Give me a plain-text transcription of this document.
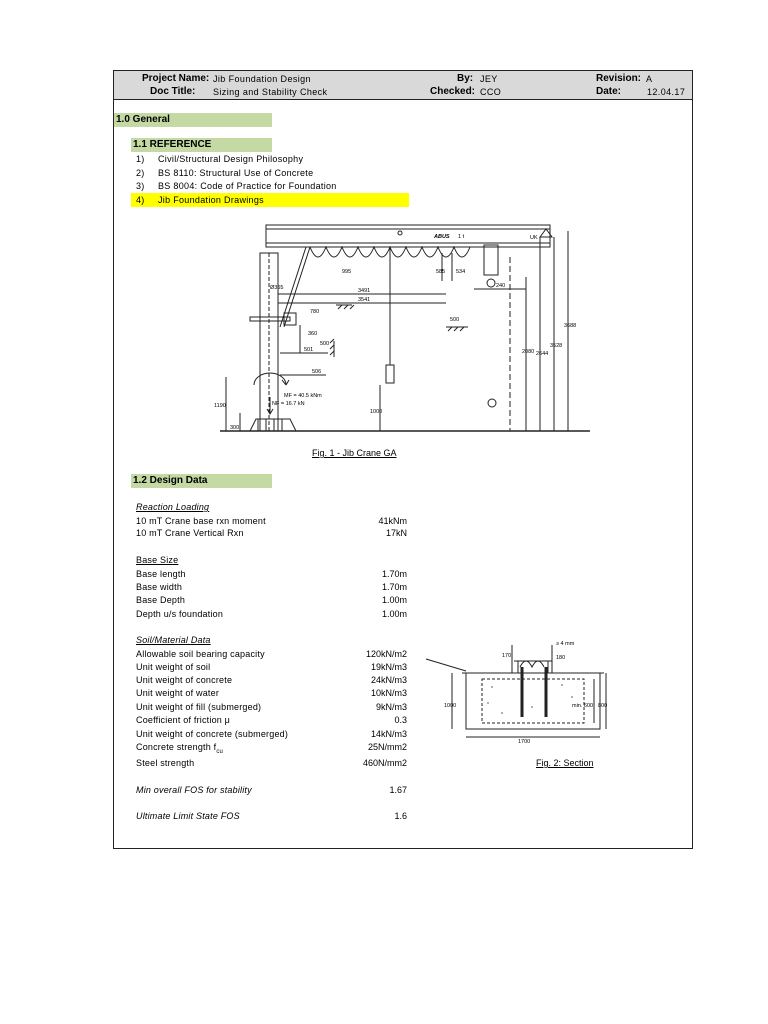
Project Name: Jib Foundation Design
Doc Title: Sizing and Stability Check
By: JEY
Checked: CCO
Revision: A
Date:	12.04.17
1.0 General
1.1 REFERENCE
1) Civil/Structural Design Philosophy
2) BS 8110: Structural Use of Concrete
3) BS 8004: Code of Practice for Foundation
4) Jib Foundation Drawings
Ø355	3491
3541
240
585 534
995
780
360
501
500
506
500
2080 2644
3528
3688
1190
1000
300
UK
MF = 40.5 kNm
NF = 16.7 kN
ABUS 1 t
Fig. 1 - Jib Crane GA
1.2 Design Data
Reaction Loading
10 mT Crane base rxn moment	41kNm
10 mT Crane Vertical Rxn	17kN
Base Size
Base length	1.70m
Base width	1.70m
Base Depth	1.00m
Depth u/s foundation	1.00m
Soil/Material Data
Allowable soil bearing capacity	120kN/m2
Unit weight of soil	19kN/m3
Unit weight of concrete	24kN/m3
Unit weight of water	10kN/m3
Unit weight of fill (submerged)	9kN/m3
Coefficient of friction μ	0.3
Unit weight of concrete (submerged)	14kN/m3
Concrete strength $f_{cu}$	25N/mm2
Steel strength	460N/mm2
Min overall FOS for stability	1.67
Ultimate Limit State FOS	1.6
1700
1000	800
min. 600
170	180
≥ 4 mm
Fig. 2: Section
